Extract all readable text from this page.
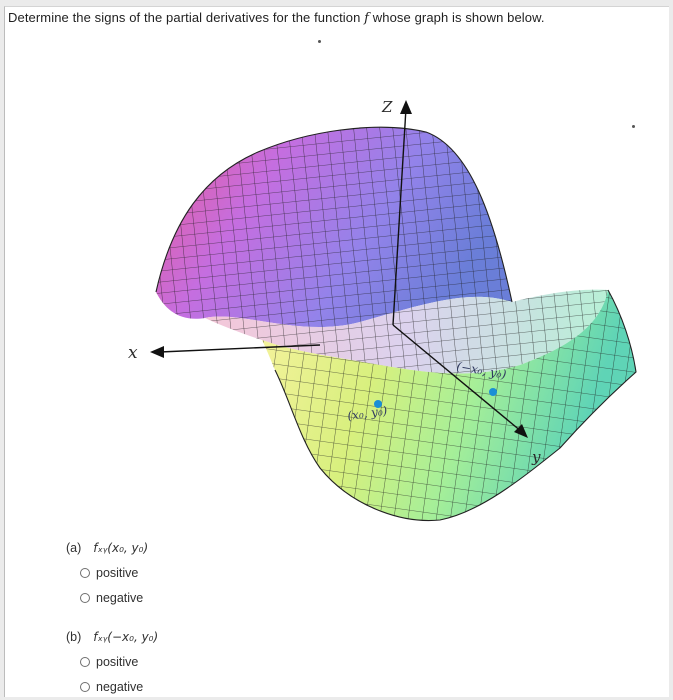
Determine the signs of the partial derivatives for the function f whose graph is shown below.
Z
x
y
(x₀, y₀)
(−x₀, y₀)
(a) fₓᵧ(x₀, y₀)
positive
negative
(b) fₓᵧ(−x₀, y₀)
positive
negative
